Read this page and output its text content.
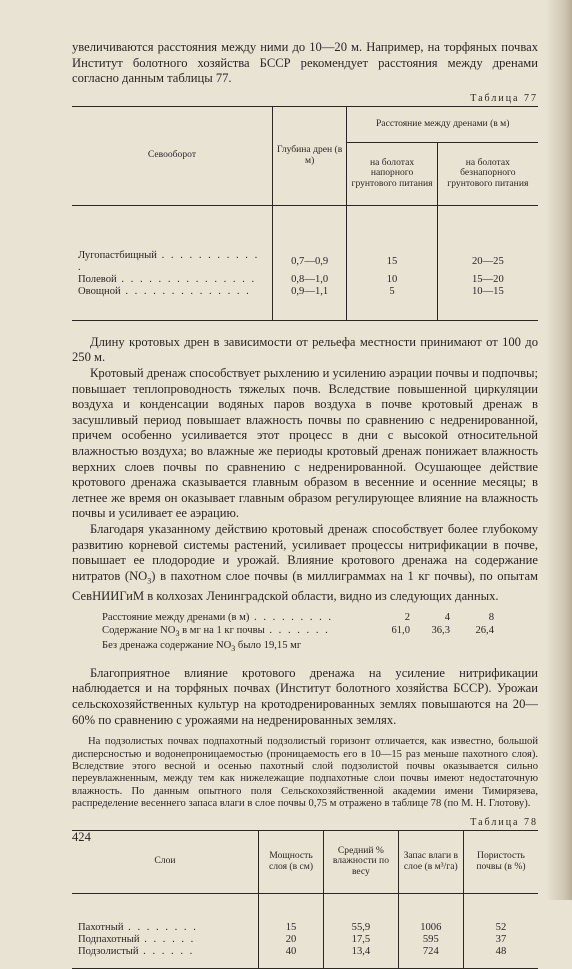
увеличиваются расстояния между ними до 10—20 м. Например, на торфяных почвах Институт болотного хозяйства БССР рекомендует расстояния между дренами согласно данным таблицы 77.

Таблица 77
Севооборот	Глубина дрен (в м)	Расстояние между дренами (в м)	
		на болотах напорного грунтового питания	на болотах безнапорного грунтового питания

Лугопастбищный . . . . . . . . . . . .	0,7—0,9	15	20—25
Полевой . . . . . . . . . . . . . . .	0,8—1,0	10	15—20
Овощной . . . . . . . . . . . . . .	0,9—1,1	5	10—15

Длину кротовых дрен в зависимости от рельефа местности принимают от 100 до 250 м.

Кротовый дренаж способствует рыхлению и усилению аэрации почвы и подпочвы; повышает теплопроводность тяжелых почв. Вследствие повышенной циркуляции воздуха и конденсации водяных паров воздуха в почве кротовый дренаж в засушливый период повышает влажность почвы по сравнению с недренированной, причем особенно усиливается этот процесс в дни с высокой относительной влажностью воздуха; во влажные же периоды кротовый дренаж понижает влажность верхних слоев почвы по сравнению с недренированной. Осушающее действие кротового дренажа сказывается главным образом в весенние и осенние месяцы; в летнее же время он оказывает главным образом регулирующее влияние на влажность почвы и усиливает ее аэрацию.

Благодаря указанному действию кротовый дренаж способствует более глубокому развитию корневой системы растений, усиливает процессы нитрификации в почве, повышает ее плодородие и урожай. Влияние кротового дренажа на содержание нитратов $(NO_3)$ в пахотном слое почвы (в миллиграммах на 1 кг почвы), по опытам СевНИИГиМ в колхозах Ленинградской области, видно из следующих данных.

Расстояние между дренами (в м) . . . . . . . . .	2	4	8
Содержание $NO_3$ в мг на 1 кг почвы . . . . . . .	61,0	36,3	26,4
Без дренажа содержание $NO_3$ было 19,15 мг

Благоприятное влияние кротового дренажа на усиление нитрификации наблюдается и на торфяных почвах (Институт болотного хозяйства БССР). Урожаи сельскохозяйственных культур на кротодренированных землях повышаются на 20—60% по сравнению с урожаями на недренированных землях.

На подзолистых почвах подпахотный подзолистый горизонт отличается, как известно, большой дисперсностью и водонепроницаемостью (проницаемость его в 10—15 раз меньше пахотного слоя). Вследствие этого весной и осенью пахотный слой подзолистой почвы оказывается сильно переувлажненным, между тем как нижележащие подпахотные слои почвы имеют недостаточную влажность. По данным опытного поля Сельскохозяйственной академии имени Тимирязева, распределение весеннего запаса влаги в слое почвы 0,75 м отражено в таблице 78 (по М. Н. Глотову).

Таблица 78
Слои	Мощность слоя (в см)	Средний % влажности по весу	Запас влаги в слое (в м³/га)	Пористость почвы (в %)

Пахотный . . . . . . . .	15	55,9	1006	52
Подпахотный . . . . . .	20	17,5	595	37
Подзолистый . . . . . .	40	13,4	724	48

424
